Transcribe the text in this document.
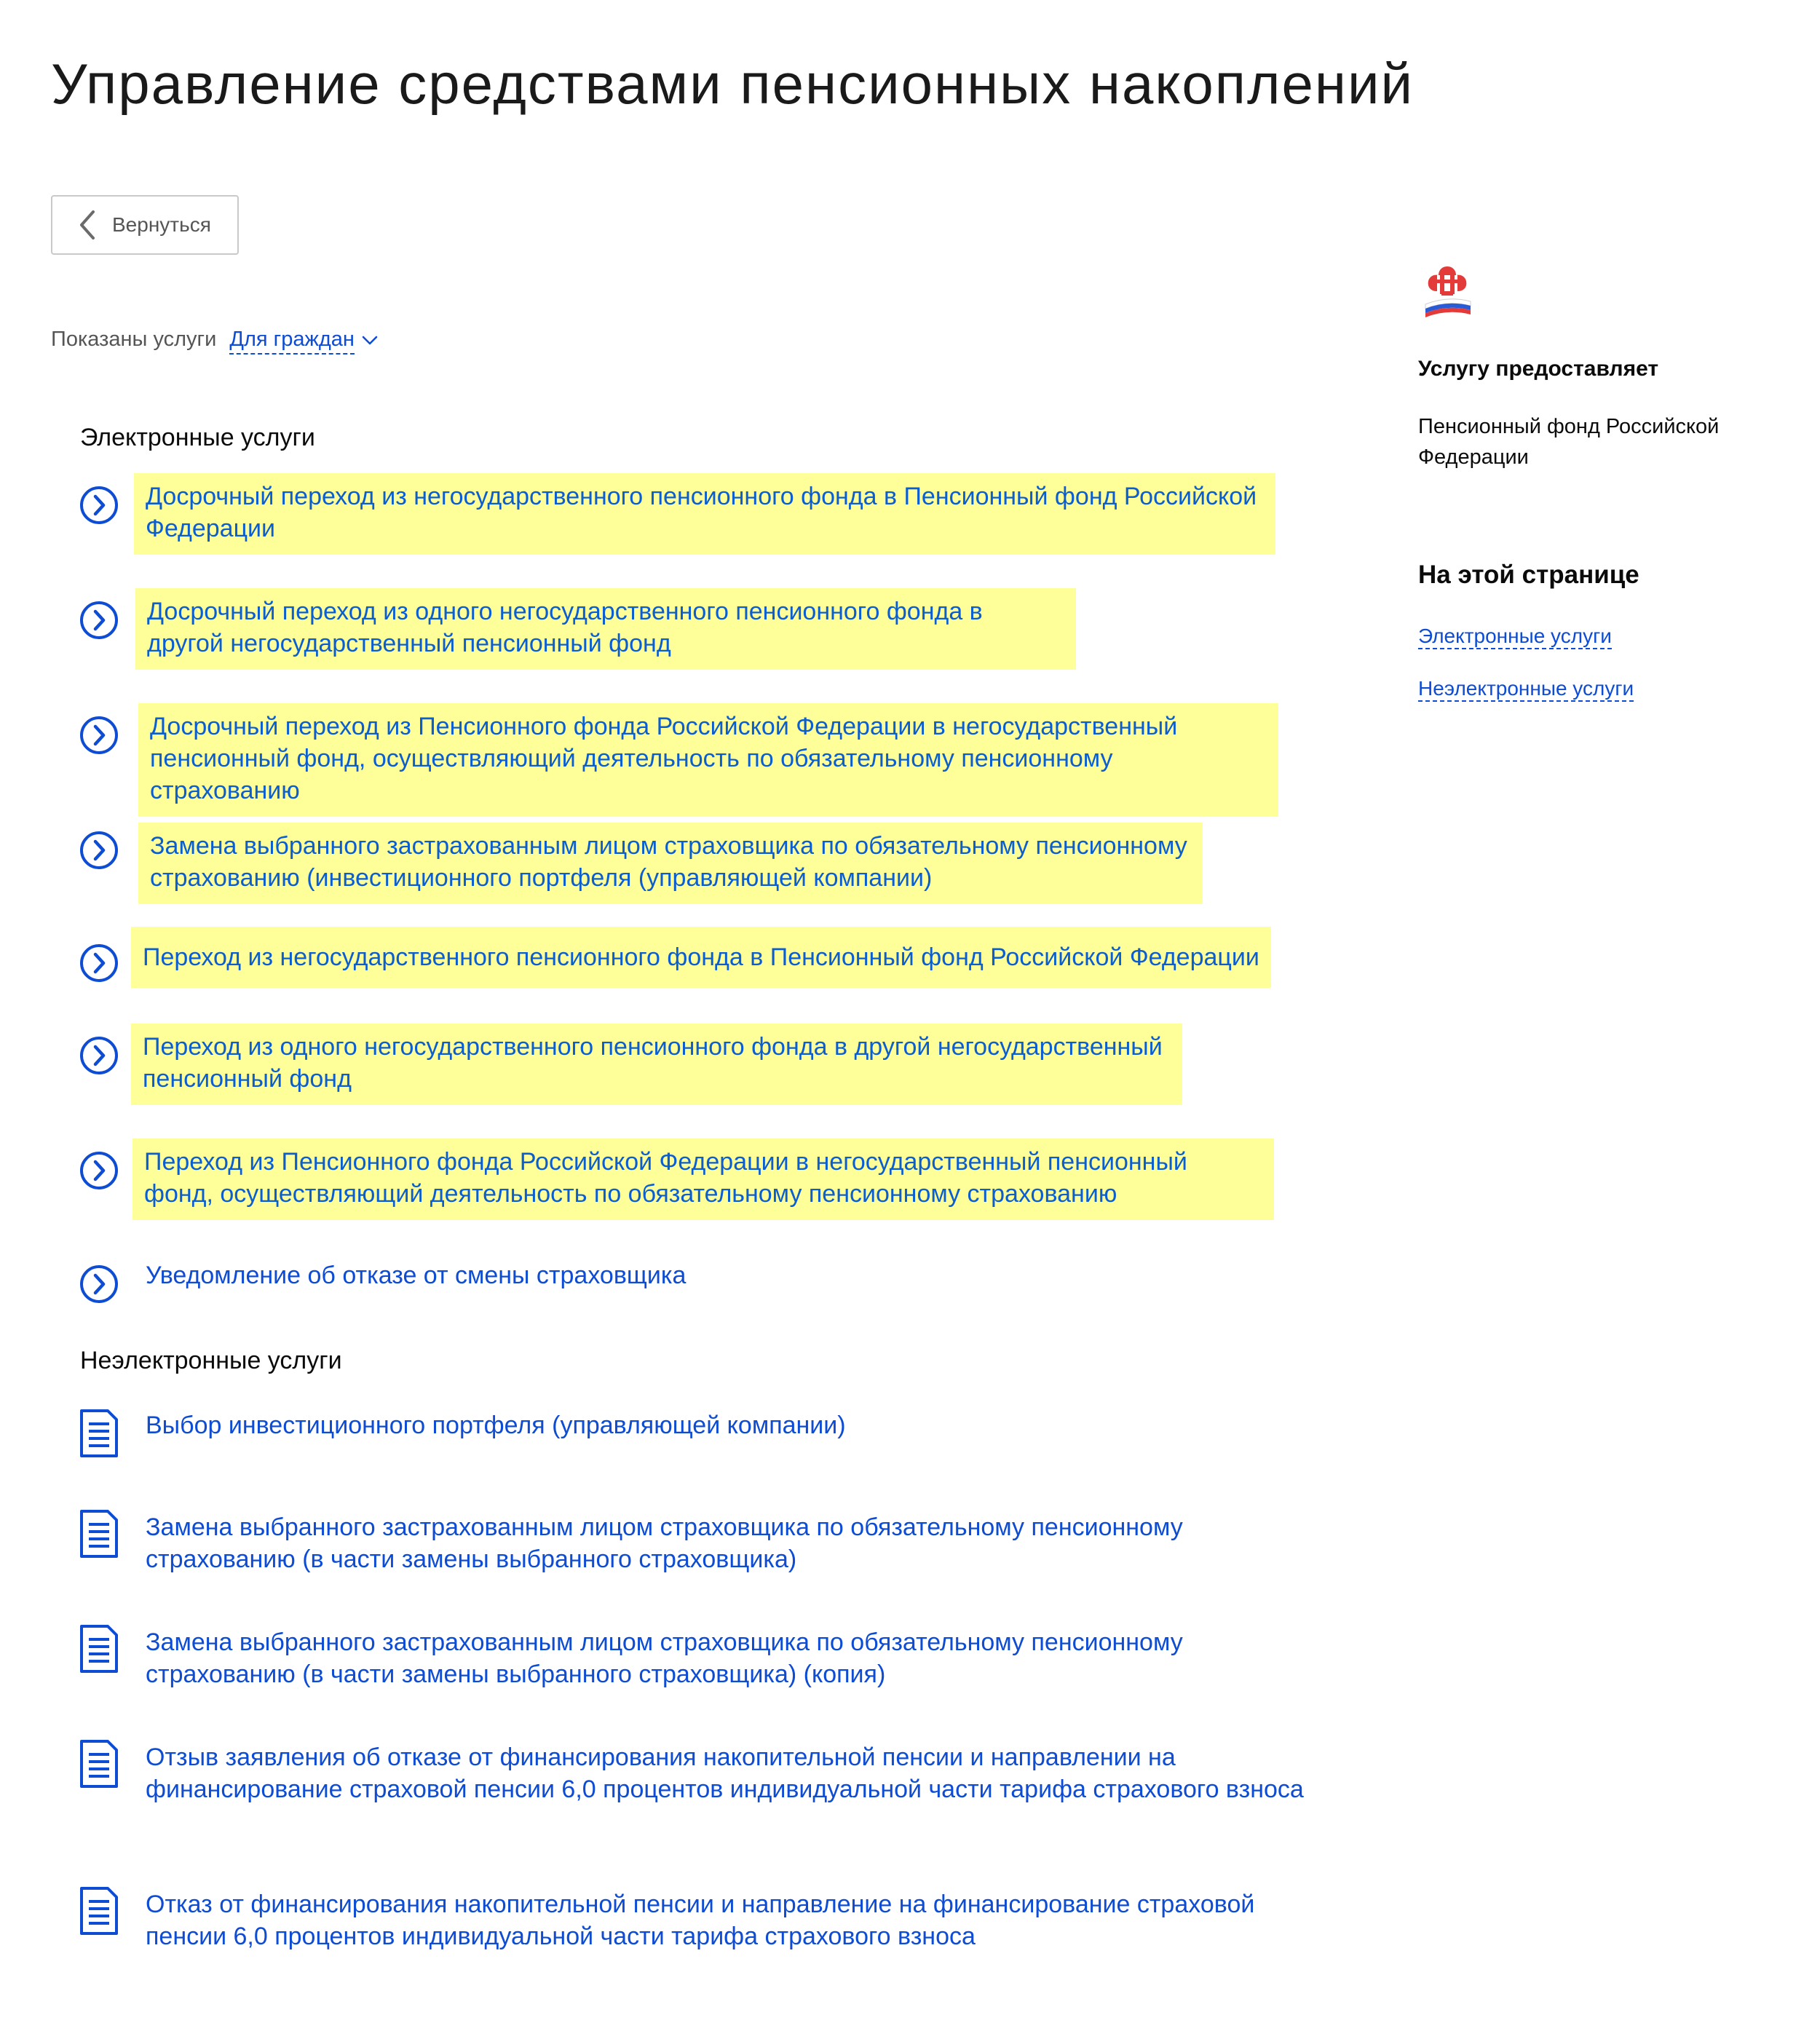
Управление средствами пенсионных накоплений
Вернуться
Показаны услуги Для граждан
Электронные услуги
Досрочный переход из негосударственного пенсионного фонда в Пенсионный фонд Российской Федерации
Досрочный переход из одного негосударственного пенсионного фонда в другой негосударственный пенсионный фонд
Досрочный переход из Пенсионного фонда Российской Федерации в негосударственный пенсионный фонд, осуществляющий деятельность по обязательному пенсионному страхованию
Замена выбранного застрахованным лицом страховщика по обязательному пенсионному страхованию (инвестиционного портфеля (управляющей компании)
Переход из негосударственного пенсионного фонда в Пенсионный фонд Российской Федерации
Переход из одного негосударственного пенсионного фонда в другой негосударственный пенсионный фонд
Переход из Пенсионного фонда Российской Федерации в негосударственный пенсионный фонд, осуществляющий деятельность по обязательному пенсионному страхованию
Уведомление об отказе от смены страховщика
Неэлектронные услуги
Выбор инвестиционного портфеля (управляющей компании)
Замена выбранного застрахованным лицом страховщика по обязательному пенсионному страхованию (в части замены выбранного страховщика)
Замена выбранного застрахованным лицом страховщика по обязательному пенсионному страхованию (в части замены выбранного страховщика) (копия)
Отзыв заявления об отказе от финансирования накопительной пенсии и направлении на финансирование страховой пенсии 6,0 процентов индивидуальной части тарифа страхового взноса
Отказ от финансирования накопительной пенсии и направление на финансирование страховой пенсии 6,0 процентов индивидуальной части тарифа страхового взноса
Услугу предоставляет
Пенсионный фонд Российской Федерации
На этой странице
Электронные услуги
Неэлектронные услуги
